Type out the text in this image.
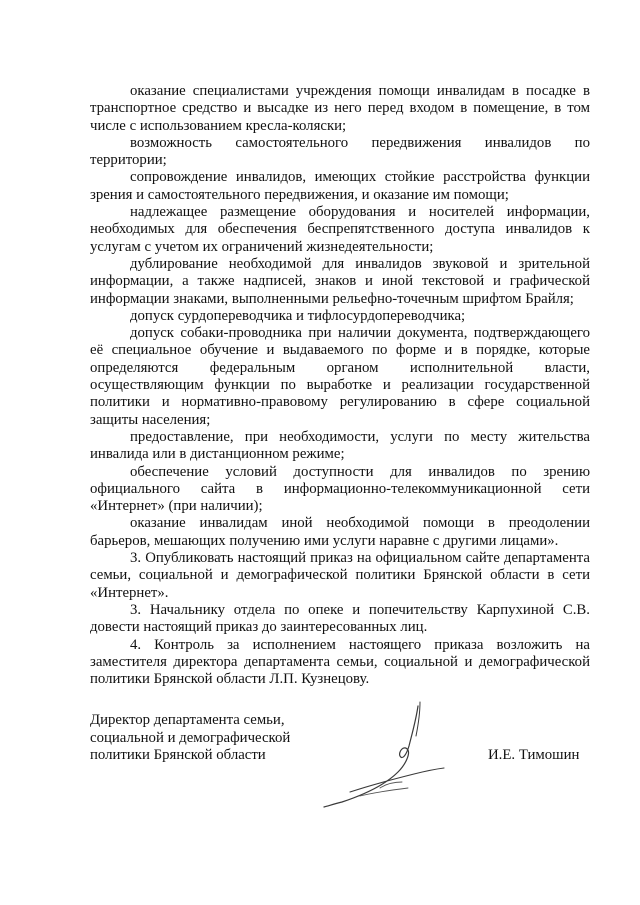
оказание специалистами учреждения помощи инвалидам в посадке в транспортное средство и высадке из него перед входом в помещение, в том числе с использованием кресла-коляски;

возможность самостоятельного передвижения инвалидов по территории;

сопровождение инвалидов, имеющих стойкие расстройства функции зрения и самостоятельного передвижения, и оказание им помощи;

надлежащее размещение оборудования и носителей информации, необходимых для обеспечения беспрепятственного доступа инвалидов к услугам с учетом их ограничений жизнедеятельности;

дублирование необходимой для инвалидов звуковой и зрительной информации, а также надписей, знаков и иной текстовой и графической информации знаками, выполненными рельефно-точечным шрифтом Брайля;

допуск сурдопереводчика и тифлосурдопереводчика;

допуск собаки-проводника при наличии документа, подтверждающего её специальное обучение и выдаваемого по форме и в порядке, которые определяются федеральным органом исполнительной власти, осуществляющим функции по выработке и реализации государственной политики и нормативно-правовому регулированию в сфере социальной защиты населения;

предоставление, при необходимости, услуги по месту жительства инвалида или в дистанционном режиме;

обеспечение условий доступности для инвалидов по зрению официального сайта в информационно-телекоммуникационной сети «Интернет» (при наличии);

оказание инвалидам иной необходимой помощи в преодолении барьеров, мешающих получению ими услуги наравне с другими лицами».

3. Опубликовать настоящий приказ на официальном сайте департамента семьи, социальной и демографической политики Брянской области в сети «Интернет».

3. Начальнику отдела по опеке и попечительству Карпухиной С.В. довести настоящий приказ до заинтересованных лиц.

4. Контроль за исполнением настоящего приказа возложить на заместителя директора департамента семьи, социальной и демографической политики Брянской области Л.П. Кузнецову.

Директор департамента семьи,
социальной и демографической
политики Брянской области	И.Е. Тимошин
